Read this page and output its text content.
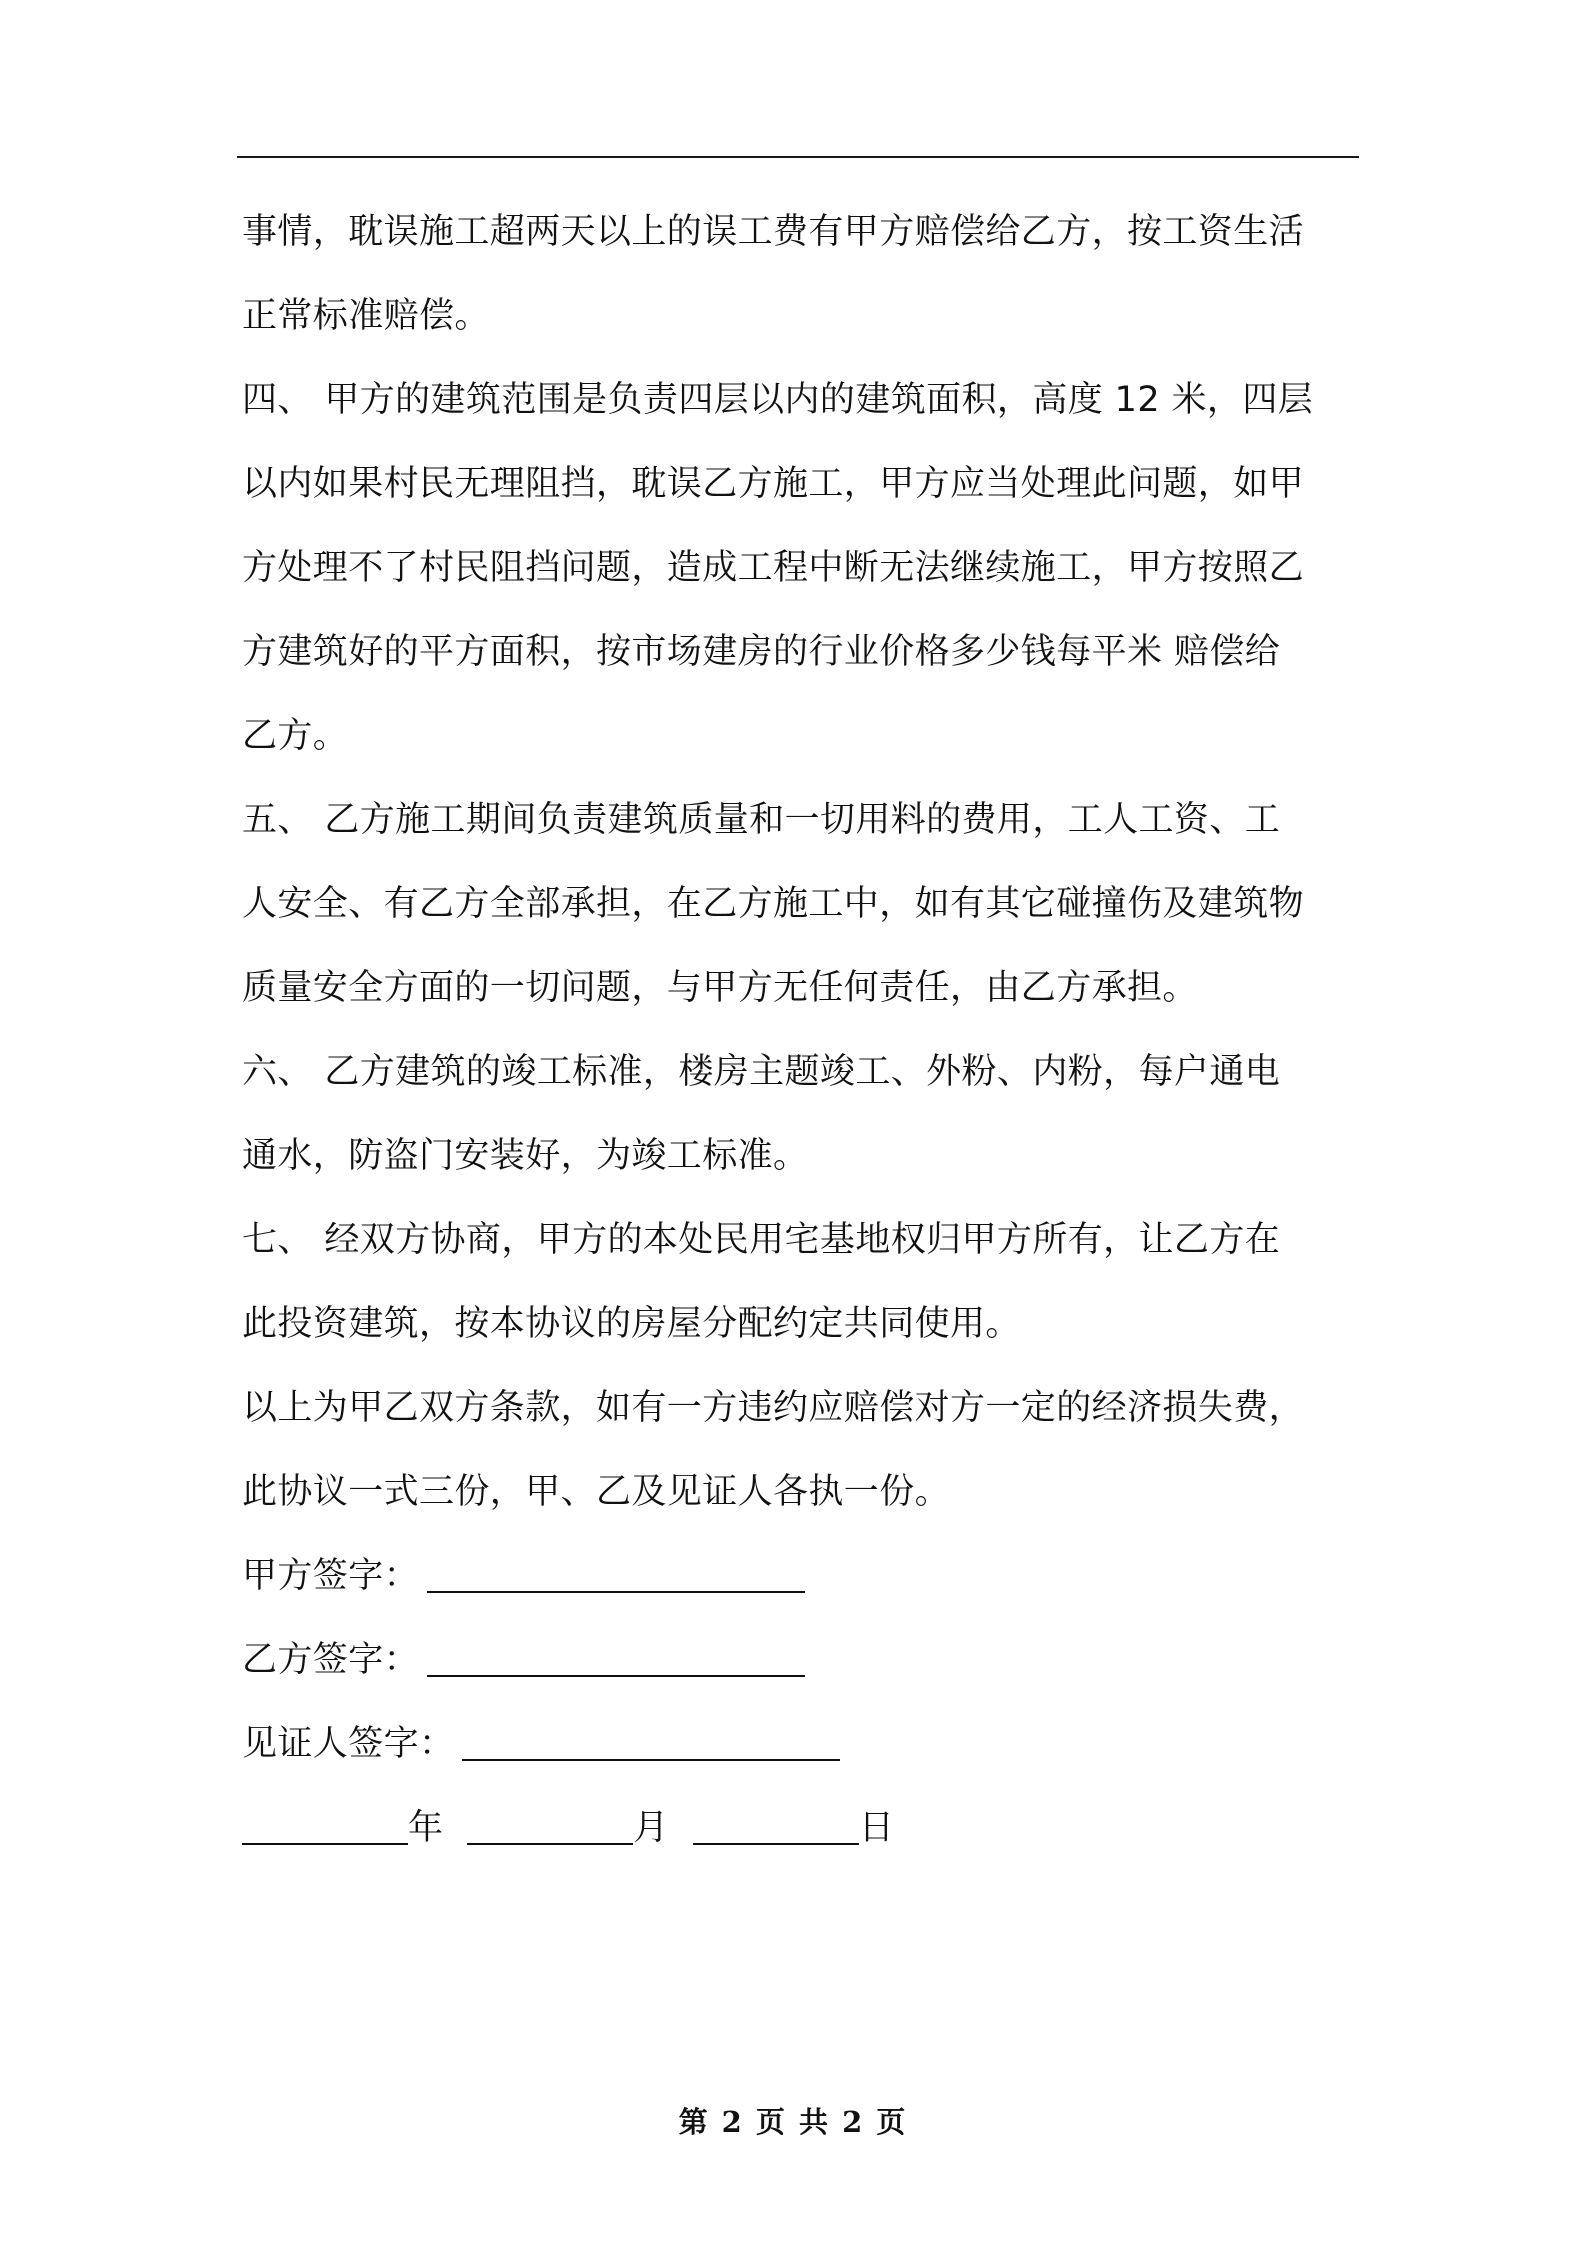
事情，耽误施工超两天以上的误工费有甲方赔偿给乙方，按工资生活
正常标准赔偿。
四、 甲方的建筑范围是负责四层以内的建筑面积，高度 12 米，四层
以内如果村民无理阻挡，耽误乙方施工，甲方应当处理此问题，如甲
方处理不了村民阻挡问题，造成工程中断无法继续施工，甲方按照乙
方建筑好的平方面积，按市场建房的行业价格多少钱每平米 赔偿给
乙方。
五、 乙方施工期间负责建筑质量和一切用料的费用，工人工资、工
人安全、有乙方全部承担，在乙方施工中，如有其它碰撞伤及建筑物
质量安全方面的一切问题，与甲方无任何责任，由乙方承担。
六、 乙方建筑的竣工标准，楼房主题竣工、外粉、内粉，每户通电
通水，防盗门安装好，为竣工标准。
七、 经双方协商，甲方的本处民用宅基地权归甲方所有，让乙方在
此投资建筑，按本协议的房屋分配约定共同使用。
以上为甲乙双方条款，如有一方违约应赔偿对方一定的经济损失费，
此协议一式三份，甲、乙及见证人各执一份。
甲方签字：
乙方签字：
见证人签字：
年	月	日
第 2 页 共 2 页
